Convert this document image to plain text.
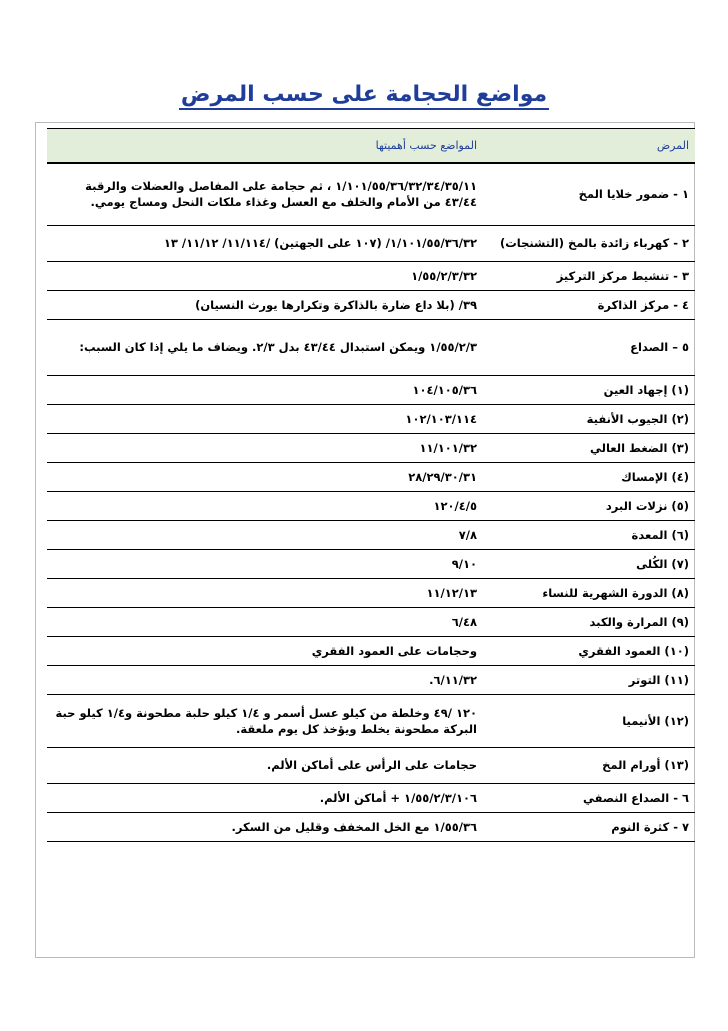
مواضع الحجامة على حسب المرض
المرض	المواضع حسب أهميتها
١ - ضمور خلايا المخ	١/١٠١/٥٥/٣٦/٣٢/٣٤/٣٥/١١ ، ثم حجامة على المفاصل والعضلات والرقبة ٤٣/٤٤ من الأمام والخلف مع العسل وغذاء ملكات النحل ومساج يومي.
٢ - كهرباء زائدة بالمخ (التشنجات)	١/١٠١/٥٥/٣٦/٣٢/ (١٠٧ على الجهتين) /١١/١١٤/ ١١/١٢/ ١٣
٣ - تنشيط مركز التركيز	١/٥٥/٢/٣/٣٢
٤ - مركز الذاكرة	٣٩/ (بلا داع ضارة بالذاكرة وتكرارها يورث النسيان)
٥ – الصداع	١/٥٥/٢/٣ ويمكن استبدال ٤٣/٤٤ بدل ٢/٣. ويضاف ما يلي إذا كان السبب:
(١) إجهاد العين	١٠٤/١٠٥/٣٦
(٢) الجيوب الأنفية	١٠٢/١٠٣/١١٤
(٣) الضغط العالي	١١/١٠١/٣٢
(٤) الإمساك	٢٨/٢٩/٣٠/٣١
(٥) نزلات البرد	١٢٠/٤/٥
(٦) المعدة	٧/٨
(٧) الكُلى	٩/١٠
(٨) الدورة الشهرية للنساء	١١/١٢/١٣
(٩) المرارة والكبد	٦/٤٨
(١٠) العمود الفقري	وحجامات على العمود الفقري
(١١) التوتر	٦/١١/٣٢.
(١٢) الأنيميا	١٢٠ /٤٩ وخلطة من كيلو عسل أسمر و ١/٤ كيلو حلبة مطحونة و١/٤ كيلو حبة البركة مطحونة يخلط ويؤخذ كل يوم ملعقة.
(١٣) أورام المخ	حجامات على الرأس على أماكن الألم.
٦ - الصداع النصفي	١/٥٥/٢/٣/١٠٦ + أماكن الألم.
٧ - كثرة النوم	١/٥٥/٣٦ مع الخل المخفف وقليل من السكر.
